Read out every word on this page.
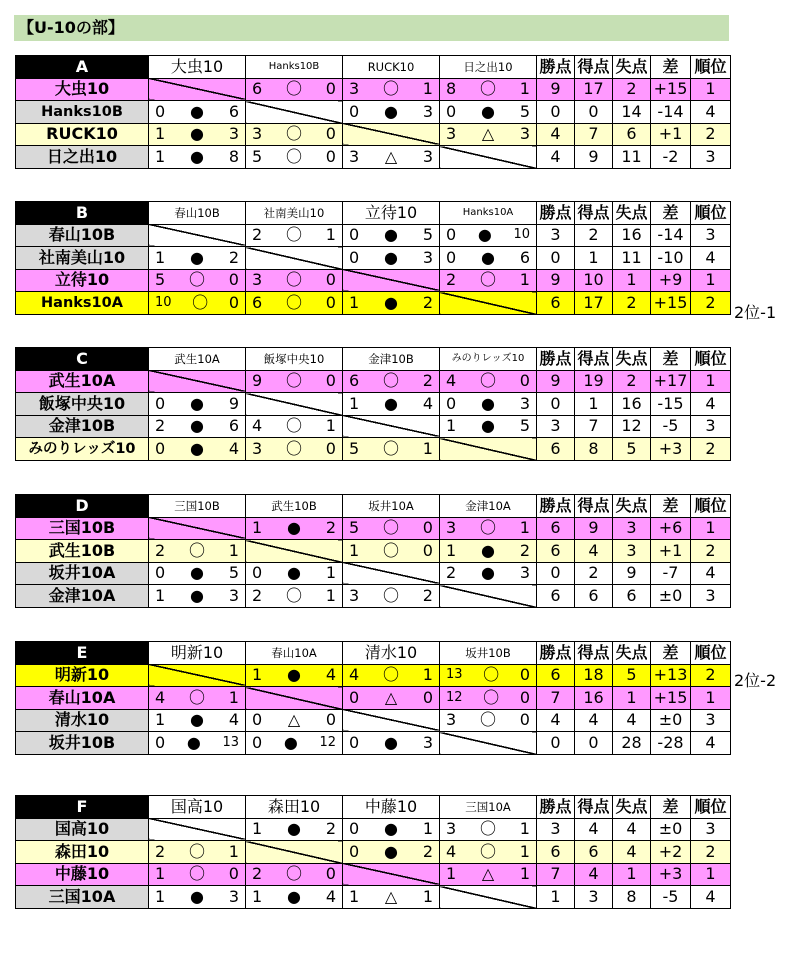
【U-10の部】
A	大虫10	Hanks10B	RUCK10	日之出10	勝点	得点	失点	差	順位
大虫10		6 〇 0	3 〇 1	8 〇 1	9	17	2	+15	1
Hanks10B	0 ● 6		0 ● 3	0 ● 5	0	0	14	-14	4
RUCK10	1 ● 3	3 〇 0		3 △ 3	4	7	6	+1	2
日之出10	1 ● 8	5 〇 0	3 △ 3		4	9	11	-2	3
B	春山10B	社南美山10	立待10	Hanks10A	勝点	得点	失点	差	順位
春山10B		2 〇 1	0 ● 5	0 ● 10	3	2	16	-14	3
社南美山10	1 ● 2		0 ● 3	0 ● 6	0	1	11	-10	4
立待10	5 〇 0	3 〇 0		2 〇 1	9	10	1	+9	1
Hanks10A	10 〇 0	6 〇 0	1 ● 2		6	17	2	+15	2
2位-1
C	武生10A	飯塚中央10	金津10B	みのりレッズ10	勝点	得点	失点	差	順位
武生10A		9 〇 0	6 〇 2	4 〇 0	9	19	2	+17	1
飯塚中央10	0 ● 9		1 ● 4	0 ● 3	0	1	16	-15	4
金津10B	2 ● 6	4 〇 1		1 ● 5	3	7	12	-5	3
みのりレッズ10	0 ● 4	3 〇 0	5 〇 1		6	8	5	+3	2
D	三国10B	武生10B	坂井10A	金津10A	勝点	得点	失点	差	順位
三国10B		1 ● 2	5 〇 0	3 〇 1	6	9	3	+6	1
武生10B	2 〇 1		1 〇 0	1 ● 2	6	4	3	+1	2
坂井10A	0 ● 5	0 ● 1		2 ● 3	0	2	9	-7	4
金津10A	1 ● 3	2 〇 1	3 〇 2		6	6	6	±0	3
E	明新10	春山10A	清水10	坂井10B	勝点	得点	失点	差	順位
明新10		1 ● 4	4 〇 1	13 〇 0	6	18	5	+13	2
春山10A	4 〇 1		0 △ 0	12 〇 0	7	16	1	+15	1
清水10	1 ● 4	0 △ 0		3 〇 0	4	4	4	±0	3
坂井10B	0 ● 13	0 ● 12	0 ● 3		0	0	28	-28	4
2位-2
F	国高10	森田10	中藤10	三国10A	勝点	得点	失点	差	順位
国高10		1 ● 2	0 ● 1	3 〇 1	3	4	4	±0	3
森田10	2 〇 1		0 ● 2	4 〇 1	6	6	4	+2	2
中藤10	1 〇 0	2 〇 0		1 △ 1	7	4	1	+3	1
三国10A	1 ● 3	1 ● 4	1 △ 1		1	3	8	-5	4
